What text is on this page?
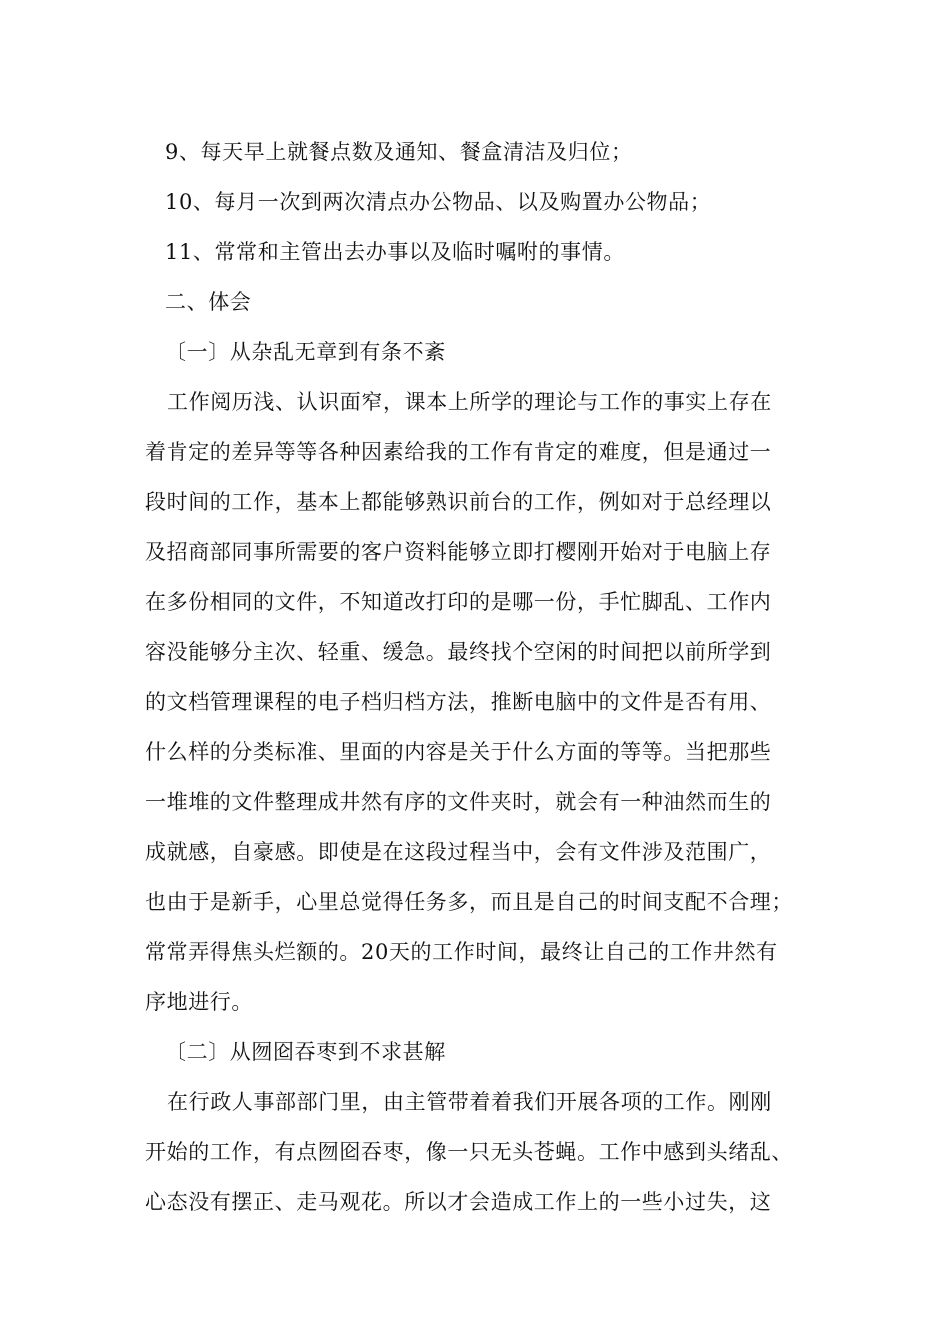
9、每天早上就餐点数及通知、餐盒清洁及归位；
10、每月一次到两次清点办公物品、以及购置办公物品；
11、常常和主管出去办事以及临时嘱咐的事情。
二、体会
〔一〕从杂乱无章到有条不紊
工作阅历浅、认识面窄，课本上所学的理论与工作的事实上存在
着肯定的差异等等各种因素给我的工作有肯定的难度，但是通过一
段时间的工作，基本上都能够熟识前台的工作，例如对于总经理以
及招商部同事所需要的客户资料能够立即打樱刚开始对于电脑上存
在多份相同的文件，不知道改打印的是哪一份，手忙脚乱、工作内
容没能够分主次、轻重、缓急。最终找个空闲的时间把以前所学到
的文档管理课程的电子档归档方法，推断电脑中的文件是否有用、
什么样的分类标准、里面的内容是关于什么方面的等等。当把那些
一堆堆的文件整理成井然有序的文件夹时，就会有一种油然而生的
成就感，自豪感。即使是在这段过程当中，会有文件涉及范围广，
也由于是新手，心里总觉得任务多，而且是自己的时间支配不合理；
常常弄得焦头烂额的。20天的工作时间，最终让自己的工作井然有
序地进行。
〔二〕从囫囵吞枣到不求甚解
在行政人事部部门里，由主管带着着我们开展各项的工作。刚刚
开始的工作，有点囫囵吞枣，像一只无头苍蝇。工作中感到头绪乱、
心态没有摆正、走马观花。所以才会造成工作上的一些小过失，这
